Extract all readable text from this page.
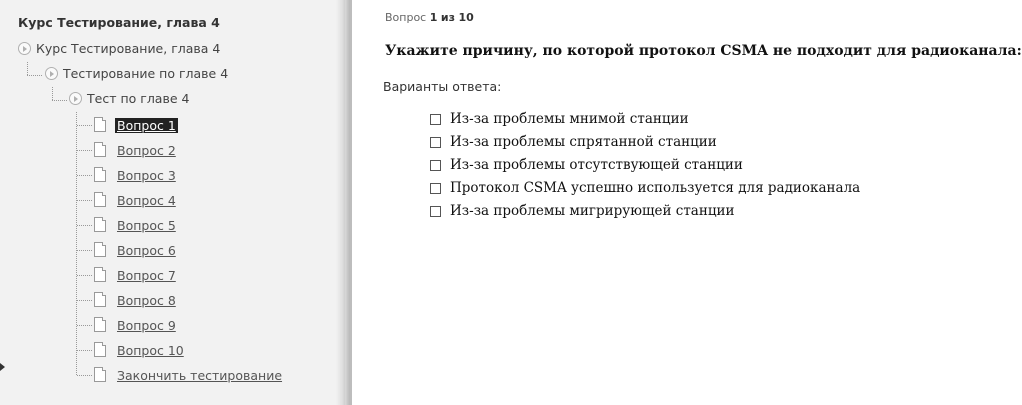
Курс Тестирование, глава 4
Курс Тестирование, глава 4
Тестирование по главе 4
Тест по главе 4
Вопрос 1
Вопрос 2
Вопрос 3
Вопрос 4
Вопрос 5
Вопрос 6
Вопрос 7
Вопрос 8
Вопрос 9
Вопрос 10
Закончить тестирование
Вопрос 1 из 10
Укажите причину, по которой протокол CSMA не подходит для радиоканала:
Варианты ответа:
Из-за проблемы мнимой станции
Из-за проблемы спрятанной станции
Из-за проблемы отсутствующей станции
Протокол CSMA успешно используется для радиоканала
Из-за проблемы мигрирующей станции
